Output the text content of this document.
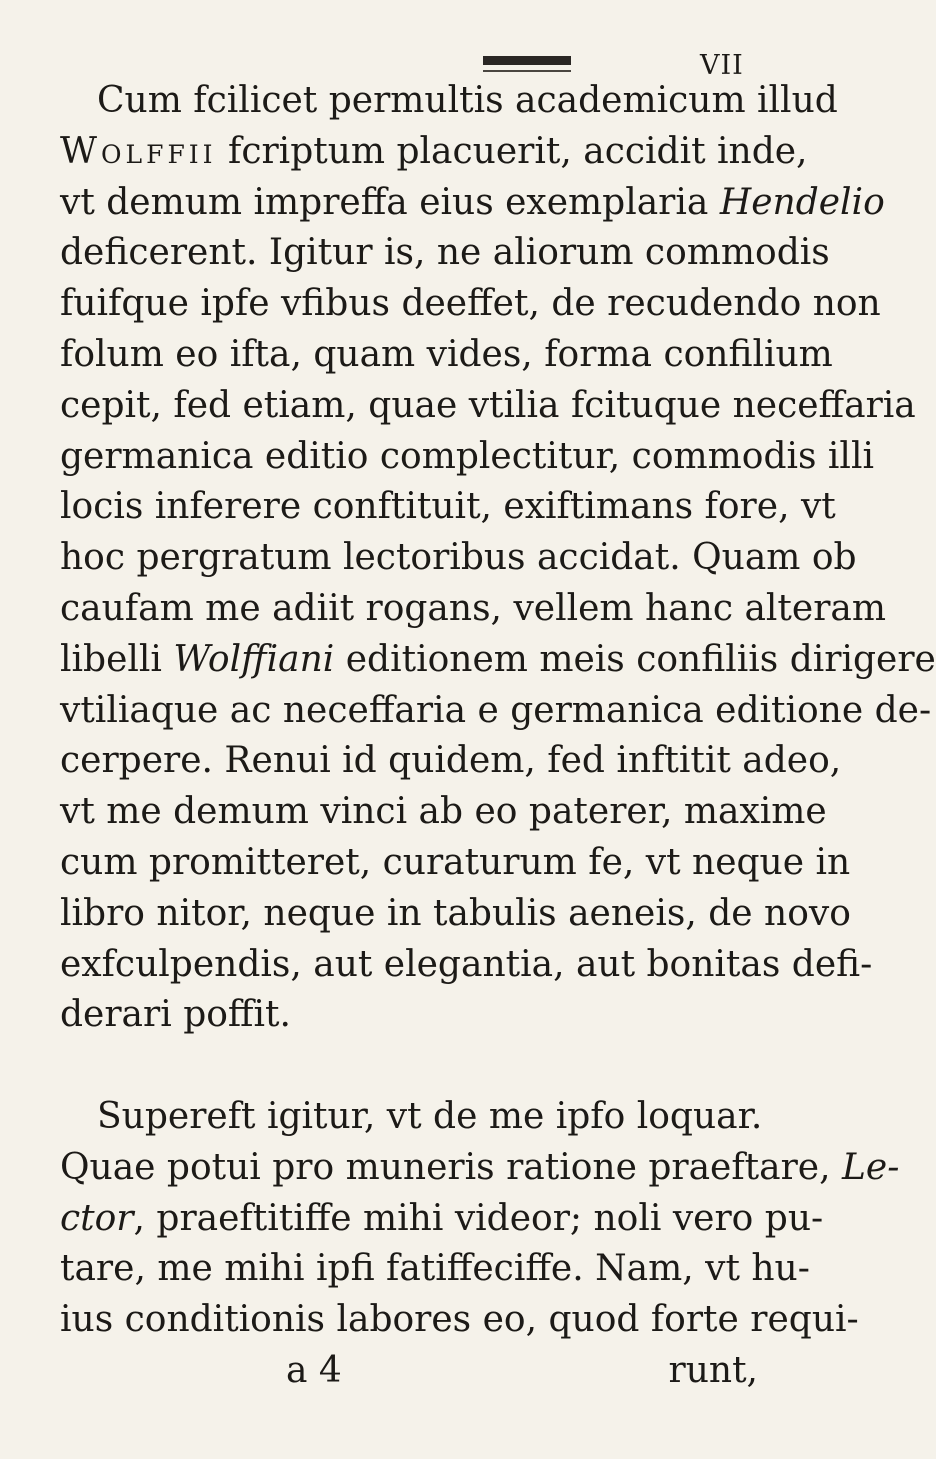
VII
Cum fcilicet permultis academicum illud
Wolffii fcriptum placuerit, accidit inde,
vt demum impreffa eius exemplaria Hendelio
deficerent. Igitur is, ne aliorum commodis
fuifque ipfe vfibus deeffet, de recudendo non
folum eo ifta, quam vides, forma confilium
cepit, fed etiam, quae vtilia fcituque neceffaria
germanica editio complectitur, commodis illi
locis inferere conftituit, exiftimans fore, vt
hoc pergratum lectoribus accidat. Quam ob
caufam me adiit rogans, vellem hanc alteram
libelli Wolffiani editionem meis confiliis dirigere
vtiliaque ac neceffaria e germanica editione de-
cerpere. Renui id quidem, fed inftitit adeo,
vt me demum vinci ab eo paterer, maxime
cum promitteret, curaturum fe, vt neque in
libro nitor, neque in tabulis aeneis, de novo
exfculpendis, aut elegantia, aut bonitas defi-
derari poffit.
Supereft igitur, vt de me ipfo loquar.
Quae potui pro muneris ratione praeftare, Le-
ctor, praeftitiffe mihi videor; noli vero pu-
tare, me mihi ipfi fatiffeciffe. Nam, vt hu-
ius conditionis labores eo, quod forte requi-
a 4	runt,
